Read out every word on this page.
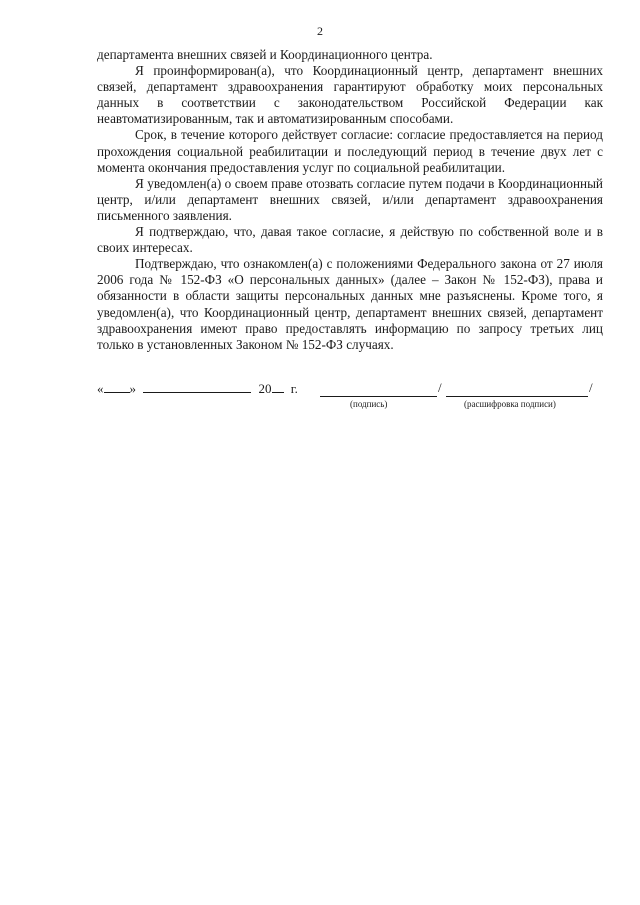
2

департамента внешних связей и Координационного центра.

Я проинформирован(а), что Координационный центр, департамент внешних связей, департамент здравоохранения гарантируют обработку моих персональных данных в соответствии с законодательством Российской Федерации как неавтоматизированным, так и автоматизированным способами.

Срок, в течение которого действует согласие: согласие предоставляется на период прохождения социальной реабилитации и последующий период в течение двух лет с момента окончания предоставления услуг по социальной реабилитации.

Я уведомлен(а) о своем праве отозвать согласие путем подачи в Координационный центр, и/или департамент внешних связей, и/или департамент здравоохранения письменного заявления.

Я подтверждаю, что, давая такое согласие, я действую по собственной воле и в своих интересах.

Подтверждаю, что ознакомлен(а) с положениями Федерального закона от 27 июля 2006 года № 152-ФЗ «О персональных данных» (далее – Закон № 152-ФЗ), права и обязанности в области защиты персональных данных мне разъяснены. Кроме того, я уведомлен(а), что Координационный центр, департамент внешних связей, департамент здравоохранения имеют право предоставлять информацию по запросу третьих лиц только в установленных Законом № 152-ФЗ случаях.

« »	20 г.	/	/
(подпись)	(расшифровка подписи)
